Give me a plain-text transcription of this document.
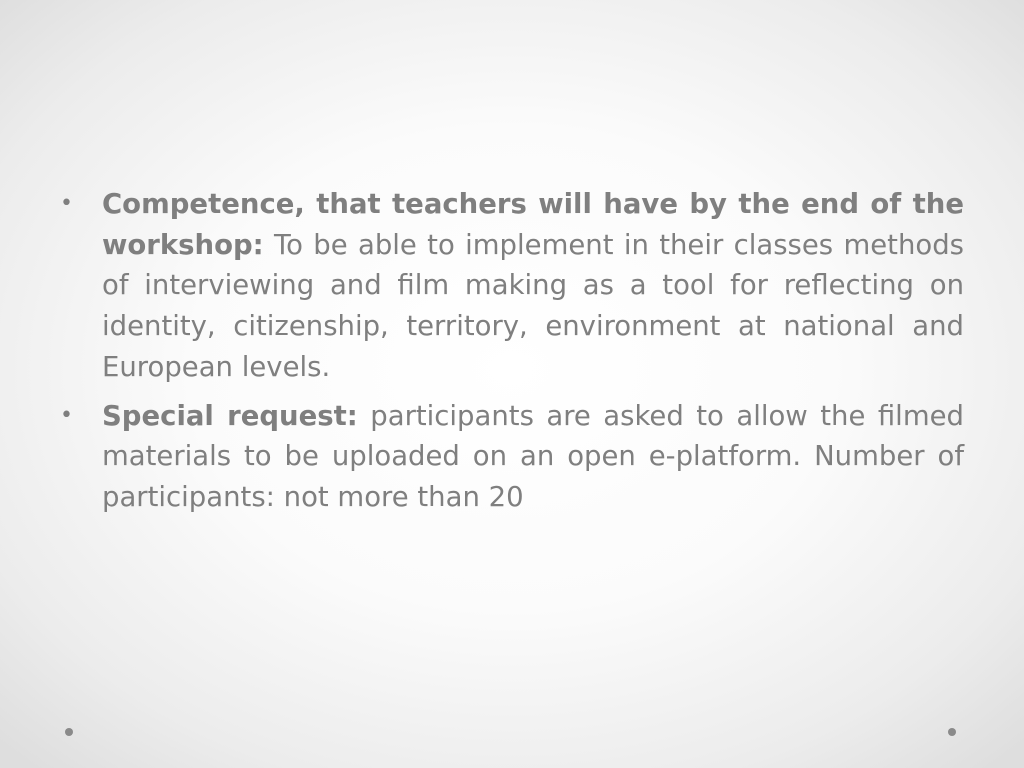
• Competence, that teachers will have by the end of the workshop: To be able to implement in their classes methods of interviewing and film making as a tool for reflecting on identity, citizenship, territory, environment at national and European levels.
• Special request: participants are asked to allow the filmed materials to be uploaded on an open e-platform. Number of participants: not more than 20
